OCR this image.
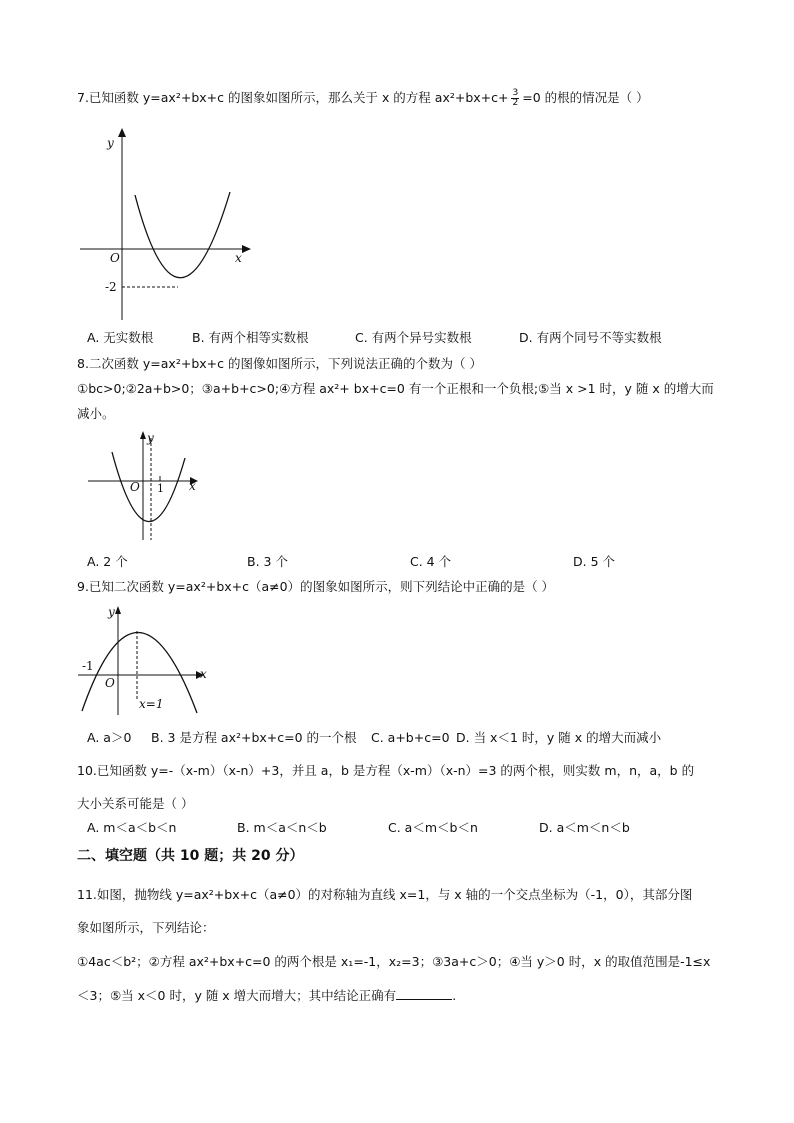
7.已知函数 y=ax²+bx+c 的图象如图所示，那么关于 x 的方程 $ax^2+bx+c+ \frac{3}{2} =0$ 的根的情况是（ ）
y
x
O
-2
A. 无实数根	B. 有两个相等实数根	C. 有两个异号实数根	D. 有两个同号不等实数根
8.二次函数 y=ax²+bx+c 的图像如图所示，下列说法正确的个数为（ ）
①bc>0;②2a+b>0；③a+b+c>0;④方程 ax²+ bx+c=0 有一个正根和一个负根;⑤当 x >1 时，y 随 x 的增大而
减小。
y
x
O 1
A. 2 个	B. 3 个	C. 4 个	D. 5 个
9.已知二次函数 y=ax²+bx+c（a≠0）的图象如图所示，则下列结论中正确的是（ ）
y
x
O
-1
x=1
A. a＞0 B. 3 是方程 ax²+bx+c=0 的一个根 C. a+b+c=0 D. 当 x＜1 时，y 随 x 的增大而减小
10.已知函数 y=-（x-m）（x-n）+3，并且 a，b 是方程（x-m）（x-n）=3 的两个根，则实数 m，n，a，b 的
大小关系可能是（ ）
A. m＜a＜b＜n	B. m＜a＜n＜b	C. a＜m＜b＜n	D. a＜m＜n＜b
二、填空题（共 10 题；共 20 分）
11.如图，抛物线 y=ax²+bx+c（a≠0）的对称轴为直线 x=1，与 x 轴的一个交点坐标为（-1，0），其部分图
象如图所示，下列结论：
①4ac＜b²；②方程 ax²+bx+c=0 的两个根是 x₁=-1，x₂=3；③3a+c＞0；④当 y＞0 时，x 的取值范围是-1≤x
＜3；⑤当 x＜0 时，y 随 x 增大而增大；其中结论正确有	.
